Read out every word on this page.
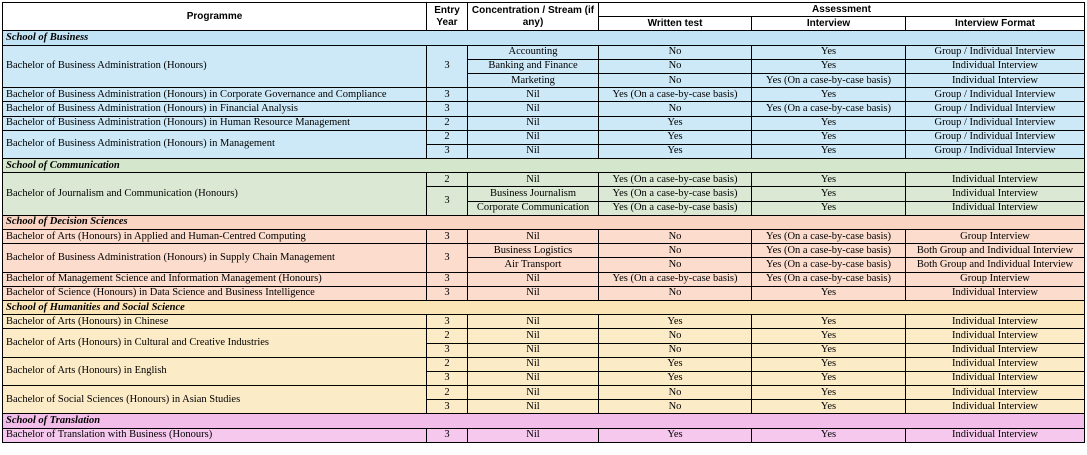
Programme	Entry Year	Concentration / Stream (if any)	Assessment		
			Written test	Interview	Interview Format
School of Business					
Bachelor of Business Administration (Honours)	3	Accounting	No	Yes	Group / Individual Interview
		Banking and Finance	No	Yes	Individual Interview
		Marketing	No	Yes (On a case-by-case basis)	Individual Interview
Bachelor of Business Administration (Honours) in Corporate Governance and Compliance	3	Nil	Yes (On a case-by-case basis)	Yes	Group / Individual Interview
Bachelor of Business Administration (Honours) in Financial Analysis	3	Nil	No	Yes (On a case-by-case basis)	Group / Individual Interview
Bachelor of Business Administration (Honours) in Human Resource Management	2	Nil	Yes	Yes	Group / Individual Interview
Bachelor of Business Administration (Honours) in Management	2	Nil	Yes	Yes	Group / Individual Interview
	3	Nil	Yes	Yes	Group / Individual Interview
School of Communication					
Bachelor of Journalism and Communication (Honours)	2	Nil	Yes (On a case-by-case basis)	Yes	Individual Interview
	3	Business Journalism	Yes (On a case-by-case basis)	Yes	Individual Interview
		Corporate Communication	Yes (On a case-by-case basis)	Yes	Individual Interview
School of Decision Sciences					
Bachelor of Arts (Honours) in Applied and Human-Centred Computing	3	Nil	No	Yes (On a case-by-case basis)	Group Interview
Bachelor of Business Administration (Honours) in Supply Chain Management	3	Business Logistics	No	Yes (On a case-by-case basis)	Both Group and Individual Interview
		Air Transport	No	Yes (On a case-by-case basis)	Both Group and Individual Interview
Bachelor of Management Science and Information Management (Honours)	3	Nil	Yes (On a case-by-case basis)	Yes (On a case-by-case basis)	Group Interview
Bachelor of Science (Honours) in Data Science and Business Intelligence	3	Nil	No	Yes	Individual Interview
School of Humanities and Social Science					
Bachelor of Arts (Honours) in Chinese	3	Nil	Yes	Yes	Individual Interview
Bachelor of Arts (Honours) in Cultural and Creative Industries	2	Nil	No	Yes	Individual Interview
	3	Nil	No	Yes	Individual Interview
Bachelor of Arts (Honours) in English	2	Nil	Yes	Yes	Individual Interview
	3	Nil	Yes	Yes	Individual Interview
Bachelor of Social Sciences (Honours) in Asian Studies	2	Nil	No	Yes	Individual Interview
	3	Nil	No	Yes	Individual Interview
School of Translation					
Bachelor of Translation with Business (Honours)	3	Nil	Yes	Yes	Individual Interview
